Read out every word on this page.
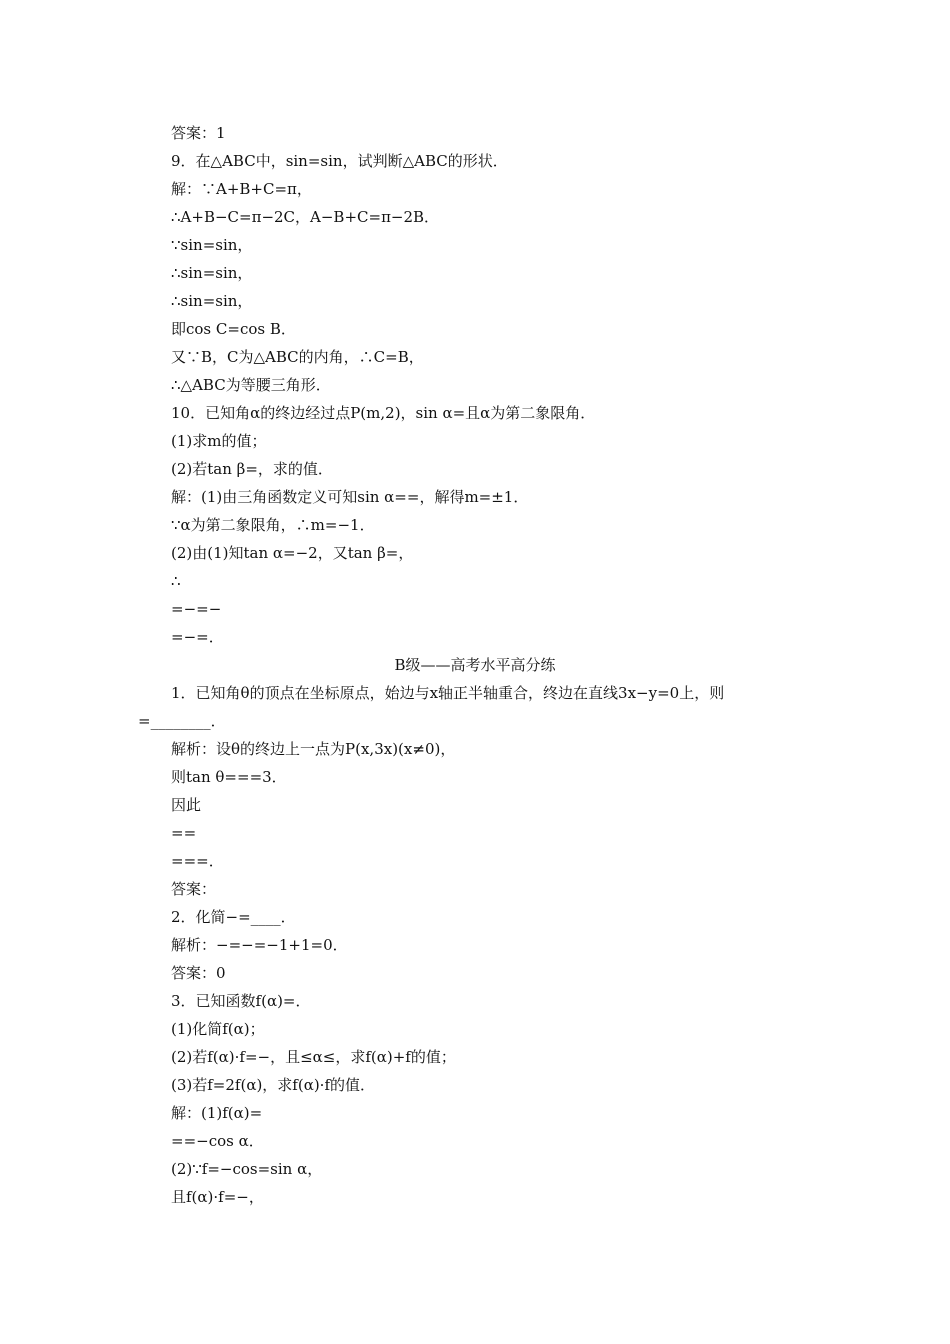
答案：1
9．在△ABC中，sin=sin，试判断△ABC的形状．
解：∵A+B+C=π，
∴A+B−C=π−2C，A−B+C=π−2B．
∵sin=sin，
∴sin=sin，
∴sin=sin，
即cos C=cos B．
又∵B，C为△ABC的内角，∴C=B，
∴△ABC为等腰三角形．
10．已知角α的终边经过点P(m,2)，sin α=且α为第二象限角．
(1)求m的值；
(2)若tan β=，求的值．
解：(1)由三角函数定义可知sin α==，解得m=±1．
∵α为第二象限角，∴m=−1．
(2)由(1)知tan α=−2，又tan β=，
∴
=−=−
=−=．
B级——高考水平高分练
1．已知角θ的顶点在坐标原点，始边与x轴正半轴重合，终边在直线3x−y=0上，则
=________．
解析：设θ的终边上一点为P(x,3x)(x≠0)，
则tan θ===3．
因此
==
===．
答案：
2．化简−=____．
解析：−=−=−1+1=0．
答案：0
3．已知函数f(α)=．
(1)化简f(α)；
(2)若f(α)·f=−，且≤α≤，求f(α)+f的值；
(3)若f=2f(α)，求f(α)·f的值．
解：(1)f(α)=
==−cos α．
(2)∵f=−cos=sin α，
且f(α)·f=−，
